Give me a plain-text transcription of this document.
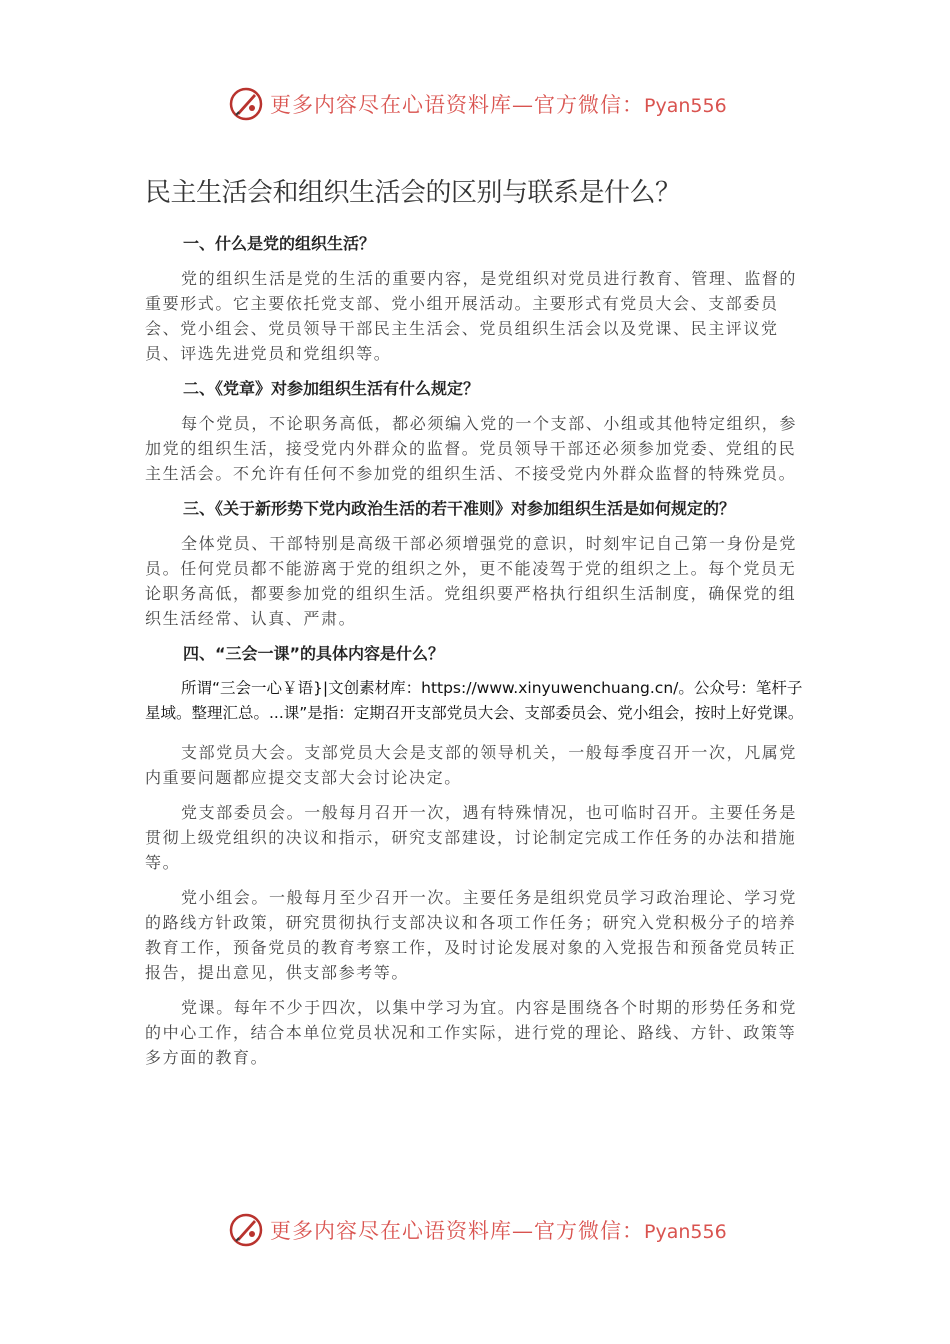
更多内容尽在心语资料库—官方微信：Pyan556
民主生活会和组织生活会的区别与联系是什么？
一、什么是党的组织生活？
党的组织生活是党的生活的重要内容，是党组织对党员进行教育、管理、监督的重要形式。它主要依托党支部、党小组开展活动。主要形式有党员大会、支部委员会、党小组会、党员领导干部民主生活会、党员组织生活会以及党课、民主评议党员、评选先进党员和党组织等。
二、《党章》对参加组织生活有什么规定？
每个党员，不论职务高低，都必须编入党的一个支部、小组或其他特定组织，参加党的组织生活，接受党内外群众的监督。党员领导干部还必须参加党委、党组的民主生活会。不允许有任何不参加党的组织生活、不接受党内外群众监督的特殊党员。
三、《关于新形势下党内政治生活的若干准则》对参加组织生活是如何规定的？
全体党员、干部特别是高级干部必须增强党的意识，时刻牢记自己第一身份是党员。任何党员都不能游离于党的组织之外，更不能凌驾于党的组织之上。每个党员无论职务高低，都要参加党的组织生活。党组织要严格执行组织生活制度，确保党的组织生活经常、认真、严肃。
四、“三会一课”的具体内容是什么？
所谓“三会一心￥语}|文创素材库：https://www.xinyuwenchuang.cn/。公众号：笔杆子星域。整理汇总。...课”是指：定期召开支部党员大会、支部委员会、党小组会，按时上好党课。
支部党员大会。支部党员大会是支部的领导机关，一般每季度召开一次，凡属党内重要问题都应提交支部大会讨论决定。
党支部委员会。一般每月召开一次，遇有特殊情况，也可临时召开。主要任务是贯彻上级党组织的决议和指示，研究支部建设，讨论制定完成工作任务的办法和措施等。
党小组会。一般每月至少召开一次。主要任务是组织党员学习政治理论、学习党的路线方针政策，研究贯彻执行支部决议和各项工作任务；研究入党积极分子的培养教育工作，预备党员的教育考察工作，及时讨论发展对象的入党报告和预备党员转正报告，提出意见，供支部参考等。
党课。每年不少于四次，以集中学习为宜。内容是围绕各个时期的形势任务和党的中心工作，结合本单位党员状况和工作实际，进行党的理论、路线、方针、政策等多方面的教育。
更多内容尽在心语资料库—官方微信：Pyan556
